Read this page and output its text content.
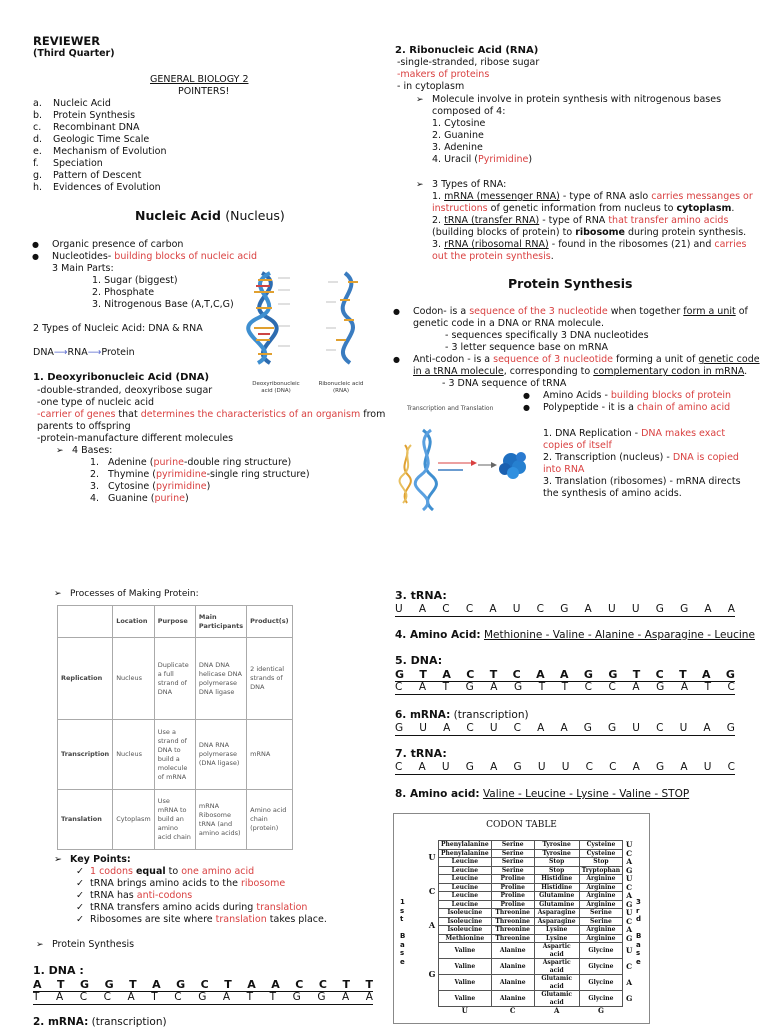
REVIEWER
(Third Quarter)
GENERAL BIOLOGY 2
POINTERS!
a. Nucleic Acid
b. Protein Synthesis
c. Recombinant DNA
d. Geologic Time Scale
e. Mechanism of Evolution
f. Speciation
g. Pattern of Descent
h. Evidences of Evolution
Nucleic Acid (Nucleus)
● Organic presence of carbon
● Nucleotides- building blocks of nucleic acid
3 Main Parts:
1. Sugar (biggest)
2. Phosphate
3. Nitrogenous Base (A,T,C,G)
2 Types of Nucleic Acid: DNA & RNA
DNA⟶RNA⟶Protein
Deoxyribonucleic acid (DNA)
Ribonucleic acid (RNA)
1. Deoxyribonucleic Acid (DNA)
-double-stranded, deoxyribose sugar
-one type of nucleic acid
-carrier of genes that determines the characteristics of an organism from
parents to offspring
-protein-manufacture different molecules
➢ 4 Bases:
1. Adenine (purine-double ring structure)
2. Thymine (pyrimidine-single ring structure)
3. Cytosine (pyrimidine)
4. Guanine (purine)
2. Ribonucleic Acid (RNA)
-single-stranded, ribose sugar
-makers of proteins
- in cytoplasm
➢ Molecule involve in protein synthesis with nitrogenous bases
composed of 4:
1. Cytosine
2. Guanine
3. Adenine
4. Uracil (Pyrimidine)
➢ 3 Types of RNA:
1. mRNA (messenger RNA) - type of RNA aslo carries messanges or
instructions of genetic information from nucleus to cytoplasm.
2. tRNA (transfer RNA) - type of RNA that transfer amino acids
(building blocks of protein) to ribosome during protein synthesis.
3. rRNA (ribosomal RNA) - found in the ribosomes (21) and carries
out the protein synthesis.
Protein Synthesis
● Codon- is a sequence of the 3 nucleotide when together form a unit of
genetic code in a DNA or RNA molecule.
- sequences specifically 3 DNA nucleotides
- 3 letter sequence base on mRNA
● Anti-codon - is a sequence of 3 nucleotide forming a unit of genetic code
in a tRNA molecule, corresponding to complementary codon in mRNA.
- 3 DNA sequence of tRNA
● Amino Acids - building blocks of protein
● Polypeptide - it is a chain of amino acid
Transcription and Translation
1. DNA Replication - DNA makes exact
copies of itself
2. Transcription (nucleus) - DNA is copied
into RNA
3. Translation (ribosomes) - mRNA directs
the synthesis of amino acids.
➢ Processes of Making Protein:
	Location	Purpose	Main Participants	Product(s)
Replication	Nucleus	Duplicate a full strand of DNA	DNA DNA helicase DNA polymerase DNA ligase	2 identical strands of DNA
Transcription	Nucleus	Use a strand of DNA to build a molecule of mRNA	DNA RNA polymerase (DNA ligase)	mRNA
Translation	Cytoplasm	Use mRNA to build an amino acid chain	mRNA Ribosome tRNA (and amino acids)	Amino acid chain (protein)
➢ Key Points:
✓ 1 codons equal to one amino acid
✓ tRNA brings amino acids to the ribosome
✓ tRNA has anti-codons
✓ tRNA transfers amino acids during translation
✓ Ribosomes are site where translation takes place.
➢ Protein Synthesis
1. DNA :
A T G G T A G C T A A C C T T
T A C C A T C G A T T G G A A
2. mRNA: (transcription)
3. tRNA:
U A C C A U C G A U U G G A A
4. Amino Acid: Methionine - Valine - Alanine - Asparagine - Leucine
5. DNA:
G T A C T C A A G G T C T A G
C A T G A G T T C C A G A T C
6. mRNA: (transcription)
G U A C U C A A G G U C U A G
7. tRNA:
C A U G A G U U C C A G A U C
8. Amino acid: Valine - Leucine - Lysine - Valine - STOP
CODON TABLE
U	Phenylalanine	Serine	Tyrosine	Cysteine	U
	Phenylalanine	Serine	Tyrosine	Cysteine	C
	Leucine	Serine	Stop	Stop	A
	Leucine	Serine	Stop	Tryptophan	G
C	Leucine	Proline	Histidine	Arginine	U
	Leucine	Proline	Histidine	Arginine	C
	Leucine	Proline	Glutamine	Arginine	A
	Leucine	Proline	Glutamine	Arginine	G
A	Isoleucine	Threonine	Asparagine	Serine	U
	Isoleucine	Threonine	Asparagine	Serine	C
	Isoleucine	Threonine	Lysine	Arginine	A
	Methionine	Threonine	Lysine	Arginine	G
G	Valine	Alanine	Aspartic acid	Glycine	U
	Valine	Alanine	Aspartic acid	Glycine	C
	Valine	Alanine	Glutamic acid	Glycine	A
	Valine	Alanine	Glutamic acid	Glycine	G
	U	C	A	G	
1
s
t
B
a
s
e
3
r
d
B
a
s
e
